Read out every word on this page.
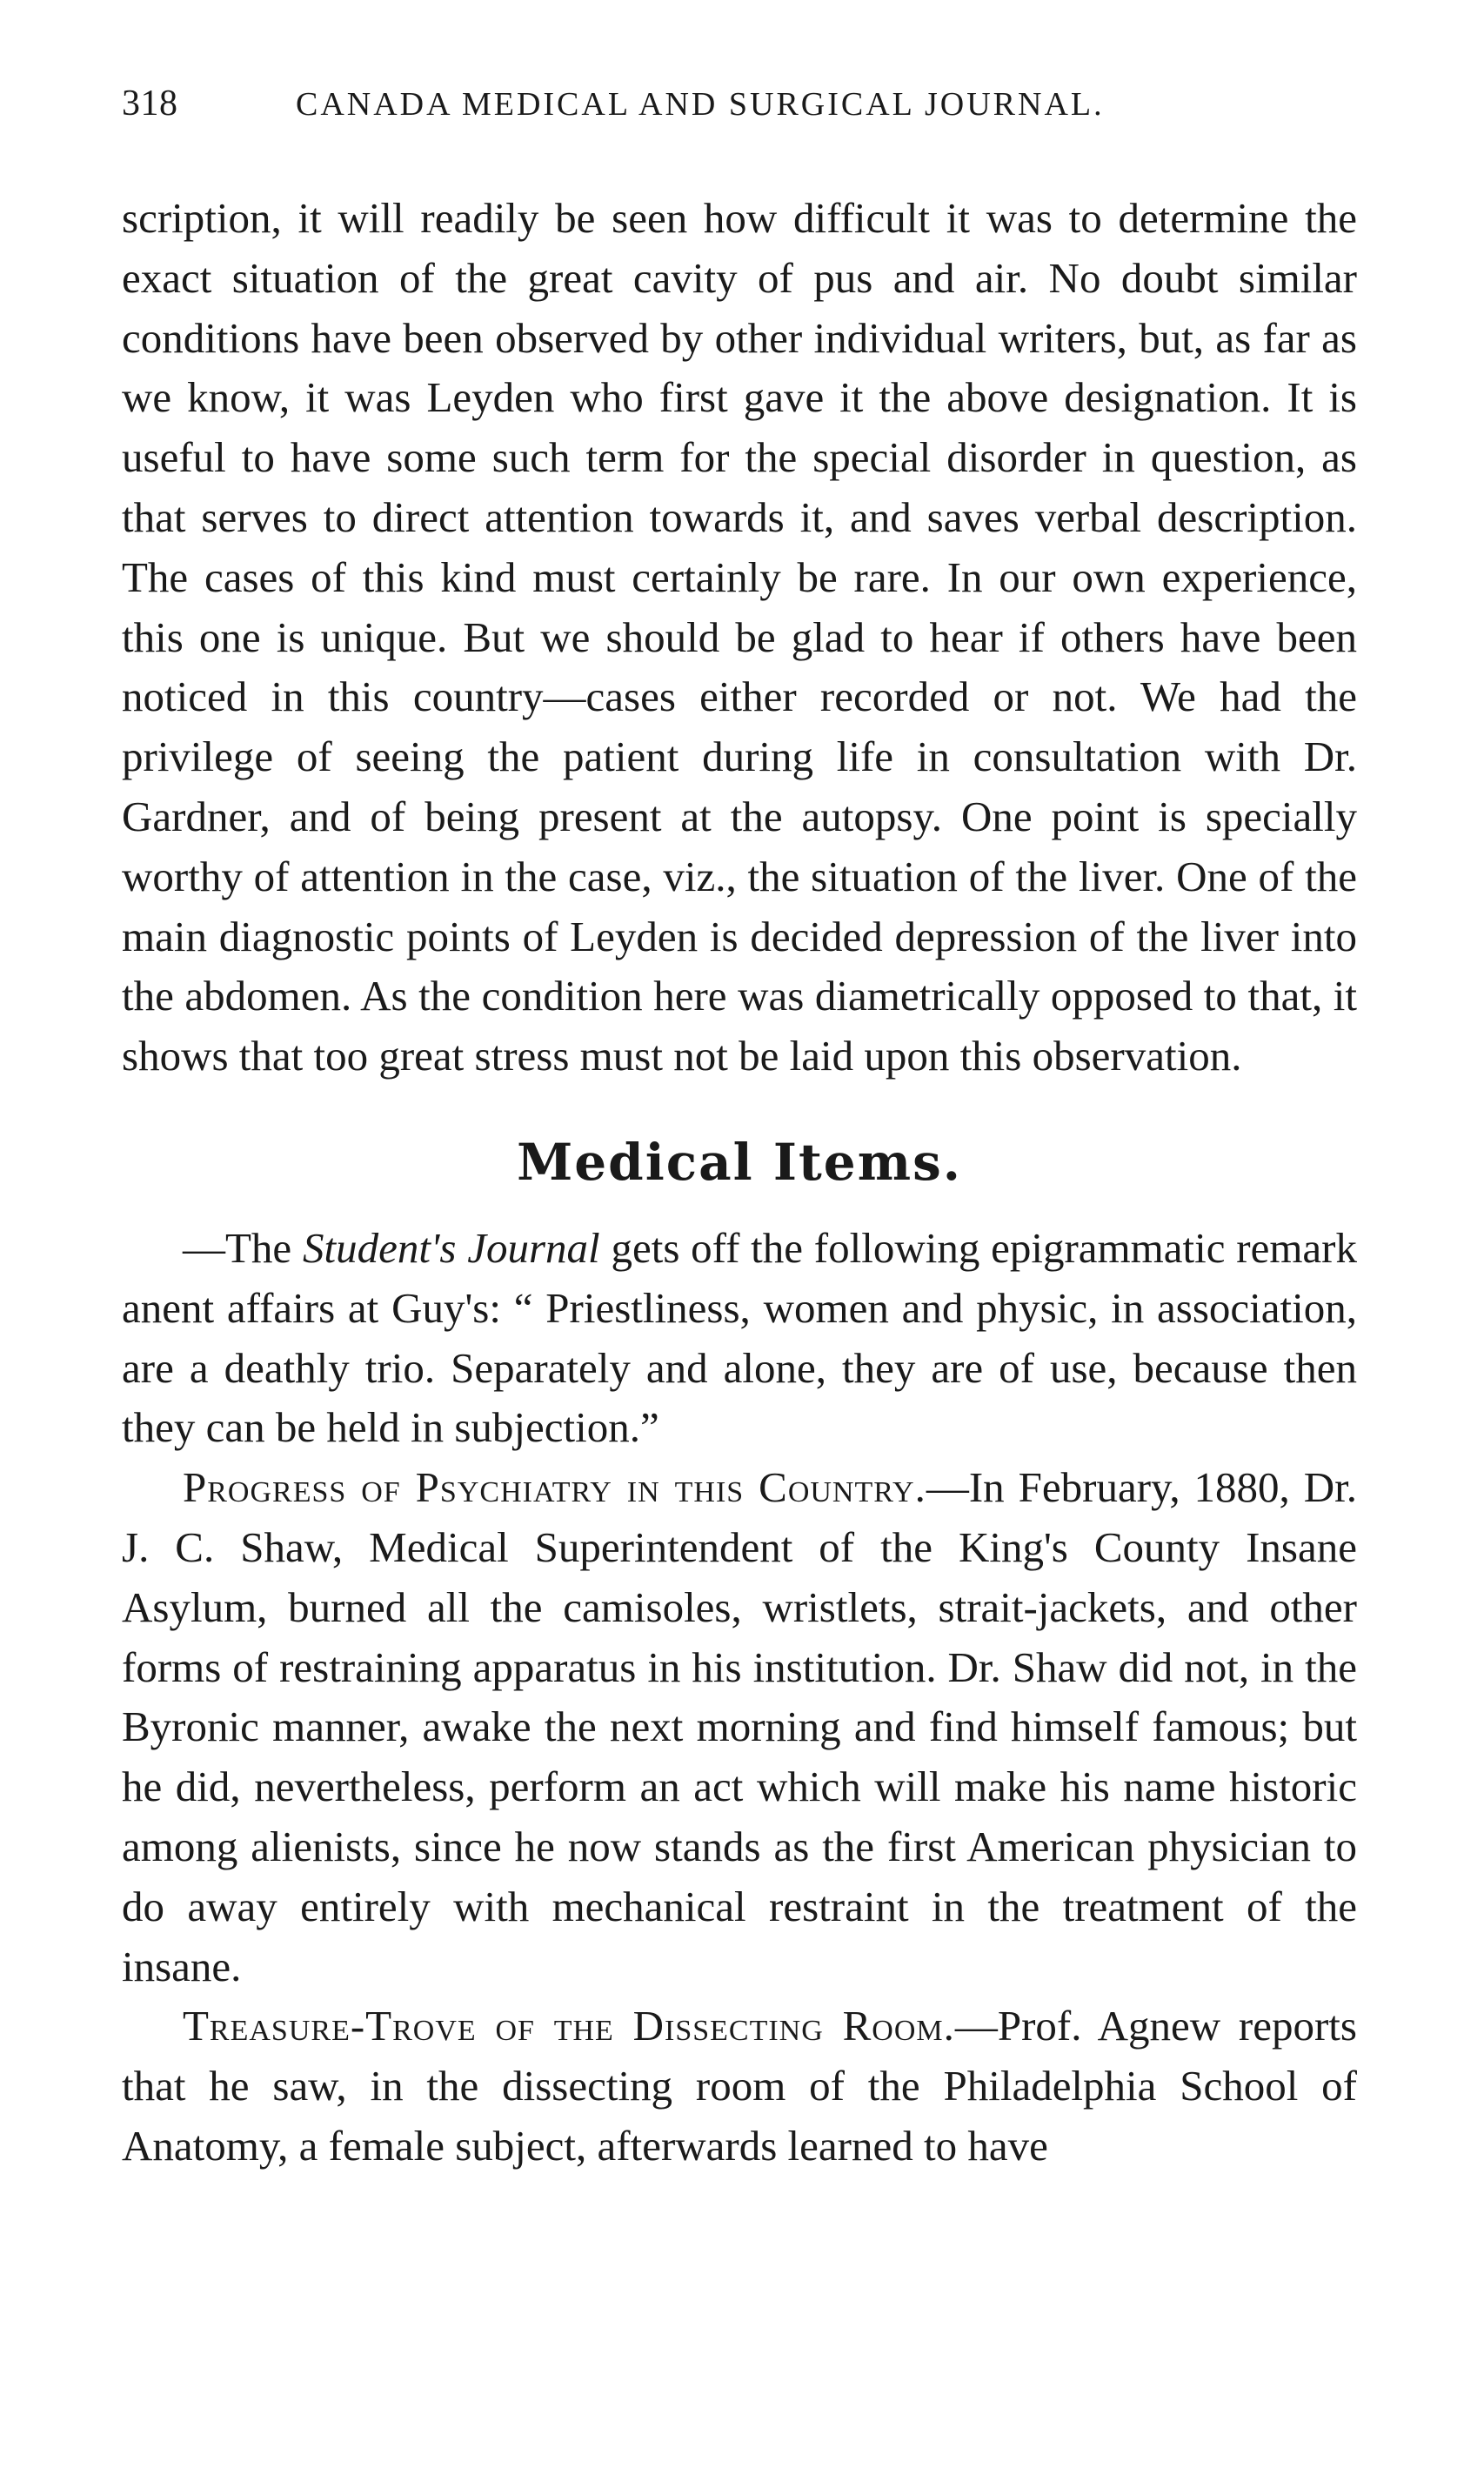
318	CANADA MEDICAL AND SURGICAL JOURNAL.

scription, it will readily be seen how difficult it was to determine the exact situation of the great cavity of pus and air. No doubt similar conditions have been observed by other individual writers, but, as far as we know, it was Leyden who first gave it the above designation. It is useful to have some such term for the special disorder in question, as that serves to direct attention towards it, and saves verbal description. The cases of this kind must certainly be rare. In our own experience, this one is unique. But we should be glad to hear if others have been noticed in this country—cases either recorded or not. We had the privilege of seeing the patient during life in consultation with Dr. Gardner, and of being present at the autopsy. One point is specially worthy of attention in the case, viz., the situation of the liver. One of the main diagnostic points of Leyden is decided depression of the liver into the abdomen. As the condition here was diametrically opposed to that, it shows that too great stress must not be laid upon this observation.

Medical Items.

—The Student's Journal gets off the following epigrammatic remark anent affairs at Guy's: “ Priestliness, women and physic, in association, are a deathly trio. Separately and alone, they are of use, because then they can be held in subjection.”

Progress of Psychiatry in this Country.—In February, 1880, Dr. J. C. Shaw, Medical Superintendent of the King's County Insane Asylum, burned all the camisoles, wristlets, strait-jackets, and other forms of restraining apparatus in his institution. Dr. Shaw did not, in the Byronic manner, awake the next morning and find himself famous; but he did, nevertheless, perform an act which will make his name historic among alienists, since he now stands as the first American physician to do away entirely with mechanical restraint in the treatment of the insane.

Treasure-Trove of the Dissecting Room.—Prof. Agnew reports that he saw, in the dissecting room of the Philadelphia School of Anatomy, a female subject, afterwards learned to have
